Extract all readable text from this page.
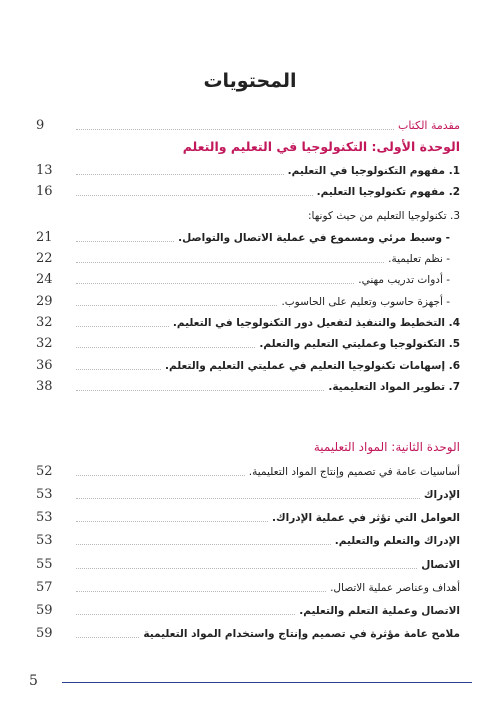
المحتويات
9	مقدمة الكتاب
الوحدة الأولى: التكنولوجيا في التعليم والتعلم
13	1. مفهوم التكنولوجيا في التعليم.
16	2. مفهوم تكنولوجيا التعليم.
3. تكنولوجيا التعليم من حيث كونها:
21	- وسيط مرئي ومسموع في عملية الاتصال والتواصل.
22	- نظم تعليمية.
24	- أدوات تدريب مهني.
29	- أجهزة حاسوب وتعليم على الحاسوب.
32	4. التخطيط والتنفيذ لتفعيل دور التكنولوجيا في التعليم.
32	5. التكنولوجيا وعمليتي التعليم والتعلم.
36	6. إسهامات تكنولوجيا التعليم في عمليتي التعليم والتعلم.
38	7. تطوير المواد التعليمية.
الوحدة الثانية: المواد التعليمية
52	أساسيات عامة في تصميم وإنتاج المواد التعليمية.
53	الإدراك
53	العوامل التي تؤثر في عملية الإدراك.
53	الإدراك والتعلم والتعليم.
55	الاتصال
57	أهداف وعناصر عملية الاتصال.
59	الاتصال وعملية التعلم والتعليم.
59	ملامح عامة مؤثرة في تصميم وإنتاج واستخدام المواد التعليمية
5
